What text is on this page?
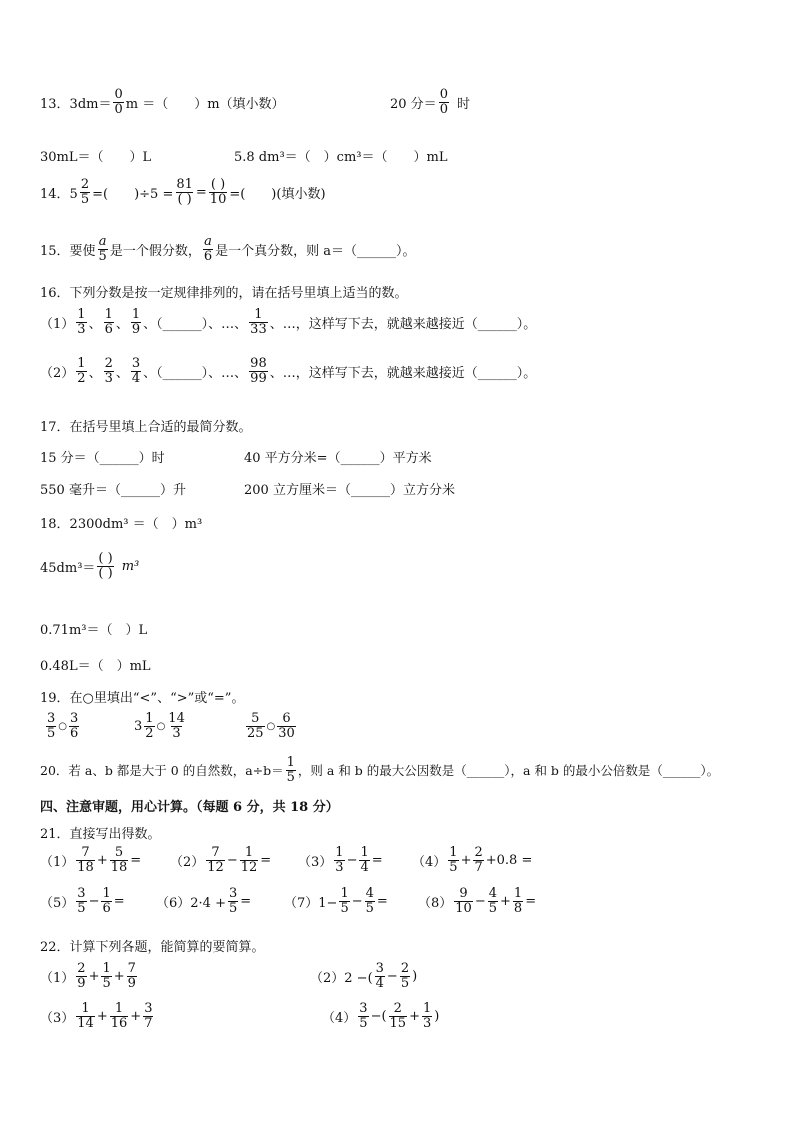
13．$3dm= \frac{0}{0}$ m ＝（　　）m（填小数）	20 分＝ $\frac{0}{0}$ 时
30mL＝（　　）L	5.8 dm³＝（　）cm³＝（　　）mL
14．$5 \frac{2}{5}$ =(　　)$\div 5 = \frac{81}{( )} = \frac{( )}{10}$ =(　　)(填小数)
15．要使 $\frac{a}{5}$ 是一个假分数， $\frac{a}{6}$ 是一个真分数，则 a＝（______）。
16．下列分数是按一定规律排列的，请在括号里填上适当的数。
$(1) \frac{1}{3}$ 、 $\frac{1}{6}$ 、 $\frac{1}{9}$ 、（______）、…、 $\frac{1}{33}$ 、…，这样写下去，就越来越接近（______）。
$(2) \frac{1}{2}$ 、 $\frac{2}{3}$ 、 $\frac{3}{4}$ 、（______）、…、 $\frac{98}{99}$ 、…，这样写下去，就越来越接近（______）。
17．在括号里填上合适的最简分数。
15 分＝（______）时	40 平方分米=（______）平方米
550 毫升＝（______）升	200 立方厘米＝（______）立方分米
18．2300dm³ ＝（　）m³
$45dm^3= \frac{( )}{( )} m^3$
0.71m³＝（　）L
0.48L＝（　）mL
19．在○里填出“<”、“>”或“=”。
$\frac{3}{5}$ ○ $\frac{3}{6}$	$3 \frac{1}{2}$ ○ $\frac{14}{3}$	$\frac{5}{25}$ ○ $\frac{6}{30}$
20．若 a、b 都是大于 0 的自然数，$a\div b= \frac{1}{5}$ ，则 a 和 b 的最大公因数是（______），a 和 b 的最小公倍数是（______）。
四、注意审题，用心计算。（每题 6 分，共 18 分）
21．直接写出得数。
$(1) \frac{7}{18} + \frac{5}{18} = (2) \frac{7}{12} - \frac{1}{12} = (3) \frac{1}{3} - \frac{1}{4} = (4) \frac{1}{5} + \frac{2}{7} +0.8$ =
$(5) \frac{3}{5} - \frac{1}{6} = (6)2\cdot 4 + \frac{3}{5}$ =	$(7)1- \frac{1}{5} - \frac{4}{5} = (8) \frac{9}{10} - \frac{4}{5} + \frac{1}{8}$ =
22．计算下列各题，能简算的要简算。
$(1) \frac{2}{9} + \frac{1}{5} + \frac{7}{9}$	（2）2 −( $\frac{3}{4} - \frac{2}{5}$ )
$(3) \frac{1}{14} + \frac{1}{16} + \frac{3}{7}$	$(4) \frac{3}{5}$ −( $\frac{2}{15} + \frac{1}{3}$ )
